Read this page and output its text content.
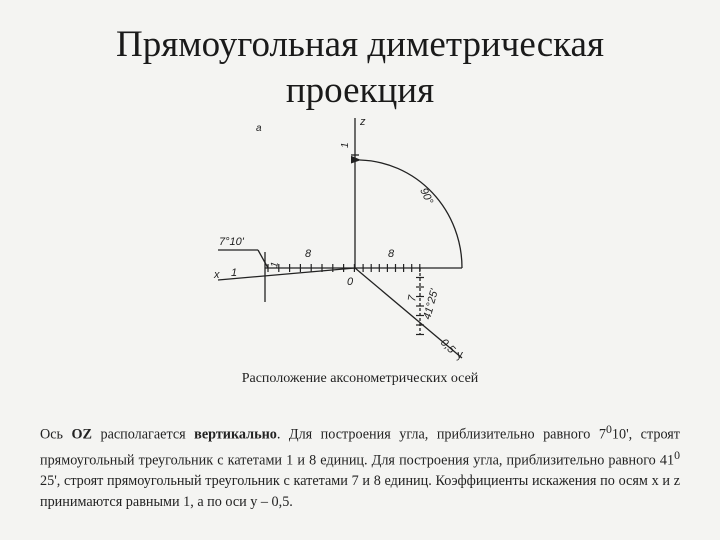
Прямоугольная диметрическая
проекция
а
z
1
90°
7°10'
x 1
1
8	8
0
7 41°25'
0,5 y
Расположение аксонометрических осей
Ось OZ располагается вертикально. Для построения угла, приблизительно равного $7^010'$, строят прямоугольный треугольник с катетами 1 и 8 единиц. Для построения угла, приблизительно равного $41^0$ 25', строят прямоугольный треугольник с катетами 7 и 8 единиц. Коэффициенты искажения по осям x и z принимаются равными 1, а по оси y – 0,5.
